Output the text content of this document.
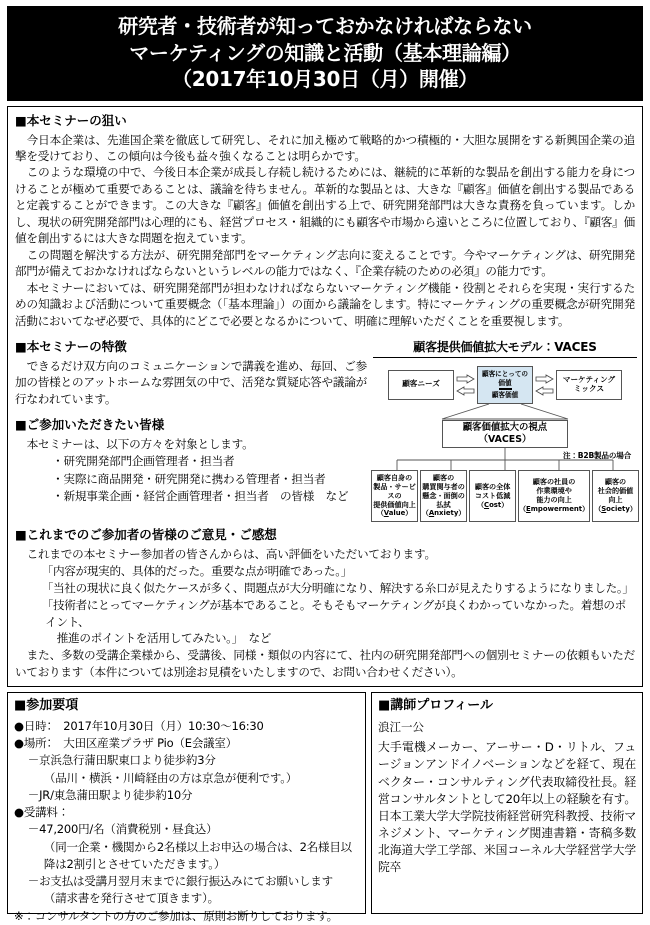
研究者・技術者が知っておかなければならない
マーケティングの知識と活動（基本理論編）
（2017年10月30日（月）開催）
■本セミナーの狙い

今日本企業は、先進国企業を徹底して研究し、それに加え極めて戦略的かつ積極的・大胆な展開をする新興国企業の追撃を受けており、この傾向は今後も益々強くなることは明らかです。

このような環境の中で、今後日本企業が成長し存続し続けるためには、継続的に革新的な製品を創出する能力を身につけることが極めて重要であることは、議論を待ちません。革新的な製品とは、大きな『顧客』価値を創出する製品であると定義することができます。この大きな『顧客』価値を創出する上で、研究開発部門は大きな責務を負っています。しかし、現状の研究開発部門は心理的にも、経営プロセス・組織的にも顧客や市場から遠いところに位置しており、『顧客』価値を創出するには大きな問題を抱えています。

この問題を解決する方法が、研究開発部門をマーケティング志向に変えることです。今やマーケティングは、研究開発部門が備えておかなければならないというレベルの能力ではなく、『企業存続のための必須』の能力です。

本セミナーにおいては、研究開発部門が担わなければならないマーケティング機能・役割とそれらを実現・実行するための知識および活動について重要概念（「基本理論」）の面から議論をします。特にマーケティングの重要概念が研究開発活動においてなぜ必要で、具体的にどこで必要となるかについて、明確に理解いただくことを重要視します。

■本セミナーの特徴

できるだけ双方向のコミュニケーションで講義を進め、毎回、ご参加の皆様とのアットホームな雰囲気の中で、活発な質疑応答や議論が行なわれています。

■ご参加いただきたい皆様

本セミナーは、以下の方々を対象とします。

・研究開発部門企画管理者・担当者

・実際に商品開発・研究開発に携わる管理者・担当者

・新規事業企画・経営企画管理者・担当者　の皆様　など

顧客提供価値拡大モデル：VACES
顧客ニーズ
顧客にとっての
価値
顧客価値
マーケティング
ミックス
顧客価値拡大の視点
（VACES）
注：B2B製品の場合
顧客自身の
製品・サービスの
提供価値向上
（Value）
顧客の
購買関与者の
懸念・面倒の
払拭
（Anxiety）
顧客の全体
コスト低減
（Cost）
顧客の社員の
作業環境や
能力の向上
（Empowerment）
顧客の
社会的価値
向上
（Society）
■これまでのご参加者の皆様のご意見・ご感想

これまでの本セミナー参加者の皆さんからは、高い評価をいただいております。

「内容が現実的、具体的だった。重要な点が明確であった。」

「当社の現状に良く似たケースが多く、問題点が大分明確になり、解決する糸口が見えたりするようになりました。」

「技術者にとってマーケティングが基本であること。そもそもマーケティングが良くわかっていなかった。着想のポイント、

推進のポイントを活用してみたい。」　など

また、多数の受講企業様から、受講後、同様・類似の内容にて、社内の研究開発部門への個別セミナーの依頼もいただいております（本件については別途お見積をいたしますので、お問い合わせください）。

■参加要項

●日時：　2017年10月30日（月）10:30〜16:30

●場所：　大田区産業プラザ Pio（E会議室）

－京浜急行蒲田駅東口より徒歩約3分

（品川・横浜・川崎経由の方は京急が便利です。）

－JR/東急蒲田駅より徒歩約10分

●受講料：

－47,200円/名（消費税別・昼食込）

（同一企業・機関から2名様以上お申込の場合は、2名様目以

降は2割引とさせていただきます。）

－お支払は受講月翌月末までに銀行振込みにてお願いします

（請求書を発行させて頂きます）。

※：コンサルタントの方のご参加は、原則お断りしております。

■講師プロフィール

浪江一公

大手電機メーカー、アーサー・D・リトル、フュージョンアンドイノベーションなどを経て、現在ベクター・コンサルティング代表取締役社長。経営コンサルタントとして20年以上の経験を有す。日本工業大学大学院技術経営研究科教授、技術マネジメント、マーケティング関連書籍・寄稿多数北海道大学工学部、米国コーネル大学経営学大学院卒
